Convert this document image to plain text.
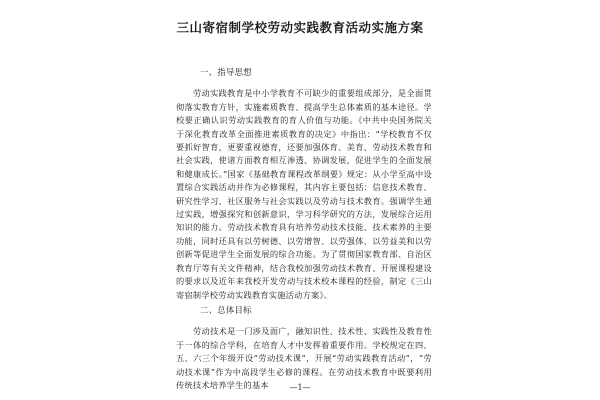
三山寄宿制学校劳动实践教育活动实施方案

一、指导思想

劳动实践教育是中小学教育不可缺少的重要组成部分，是全面贯彻落实教育方针，实施素质教育、提高学生总体素质的基本途径。学校要正确认识劳动实践教育的育人价值与功能。《中共中央国务院关于深化教育改革全面推进素质教育的决定》中指出：“学校教育不仅要抓好智育，更要重视德育，还要加强体育、美育、劳动技术教育和社会实践，使诸方面教育相互渗透、协调发展，促进学生的全面发展和健康成长。”国家《基础教育课程改革纲要》规定：从小学至高中设置综合实践活动并作为必修课程，其内容主要包括：信息技术教育、研究性学习、社区服务与社会实践以及劳动与技术教育。强调学生通过实践，增强探究和创新意识，学习科学研究的方法，发展综合运用知识的能力。劳动技术教育具有培养劳动技术技能、技术素养的主要功能，同时还具有以劳树德、以劳增智、以劳强体、以劳益美和以劳创新等促进学生全面发展的综合功能。为了贯彻国家教育部、自治区教育厅等有关文件精神，结合我校加强劳动技术教育、开展课程建设的要求以及近年来我校开发劳动与技术校本课程的经验，制定《三山寄宿制学校劳动实践教育实施活动方案》。

二、总体目标

劳动技术是一门涉及面广，融知识性、技术性、实践性及教育性于一体的综合学科，在培育人才中发挥着重要作用。学校规定在四、五、六三个年级开设“劳动技术课”，开展“劳动实践教育活动”，“劳动技术课”作为中高段学生必修的课程。在劳动技术教育中既要利用传统技术培养学生的基本	—1—
